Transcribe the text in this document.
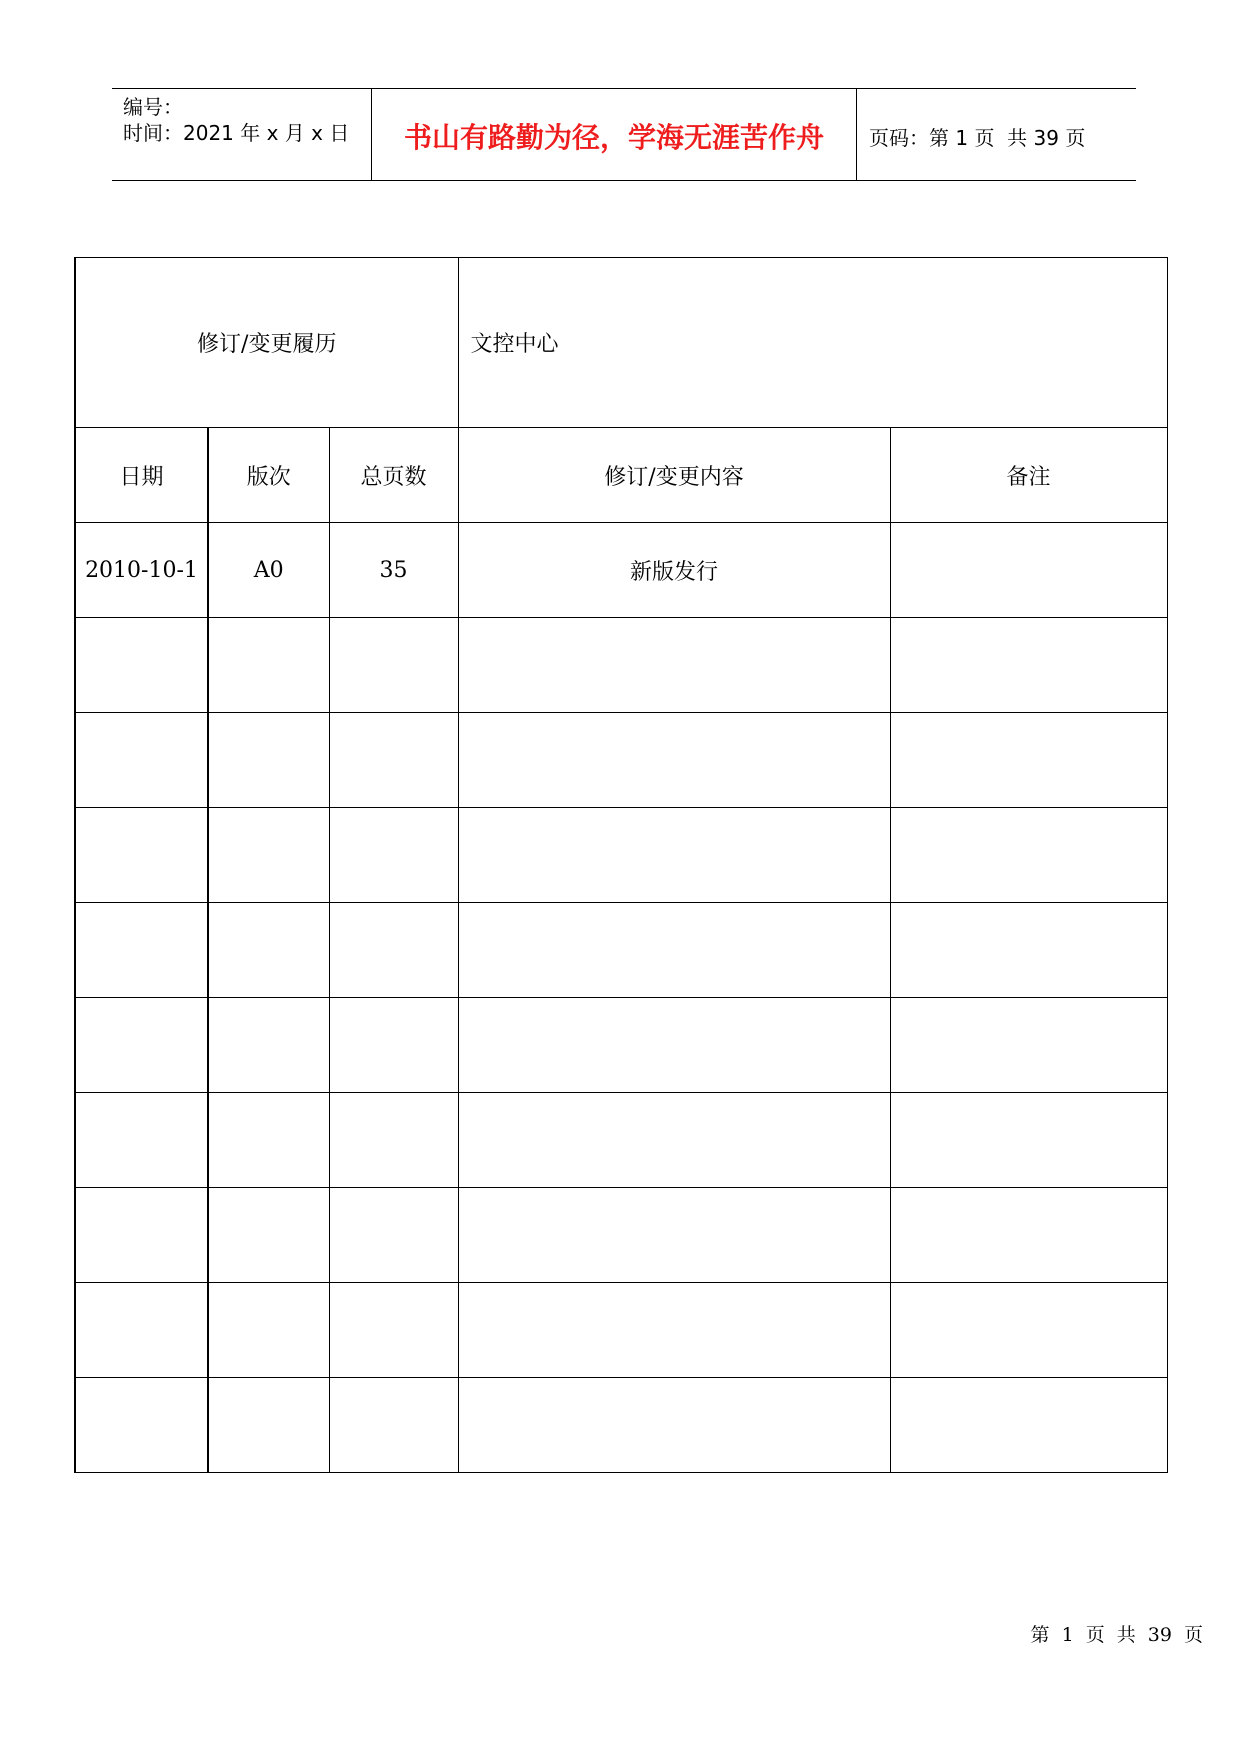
编号：
时间：2021 年 x 月 x 日	书山有路勤为径，学海无涯苦作舟	页码：第 1 页  共 39 页
修订/变更履历			文控中心	
日期	版次	总页数	修订/变更内容	备注
2010-10-1	A0	35	新版发行	

第 1 页 共 39 页
